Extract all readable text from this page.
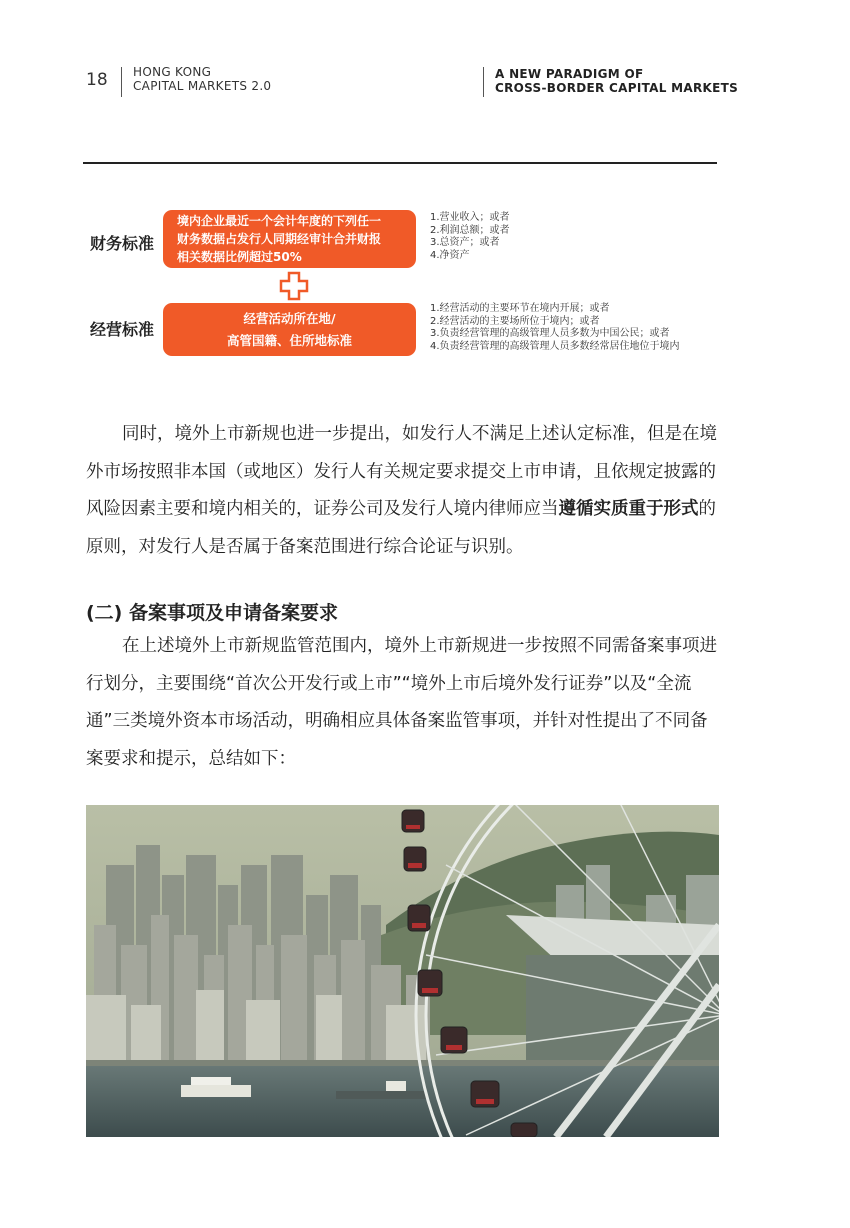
18 HONG KONG
CAPITAL MARKETS 2.0
A NEW PARADIGM OF
CROSS-BORDER CAPITAL MARKETS
财务标准
境内企业最近一个会计年度的下列任一
财务数据占发行人同期经审计合并财报
相关数据比例超过50%
1.营业收入；或者
2.利润总额；或者
3.总资产；或者
4.净资产
经营标准
经营活动所在地/
高管国籍、住所地标准
1.经营活动的主要环节在境内开展；或者
2.经营活动的主要场所位于境内；或者
3.负责经营管理的高级管理人员多数为中国公民；或者
4.负责经营管理的高级管理人员多数经常居住地位于境内

同时，境外上市新规也进一步提出，如发行人不满足上述认定标准，但是在境外市场按照非本国（或地区）发行人有关规定要求提交上市申请，且依规定披露的风险因素主要和境内相关的，证券公司及发行人境内律师应当遵循实质重于形式的原则，对发行人是否属于备案范围进行综合论证与识别。

(二) 备案事项及申请备案要求

在上述境外上市新规监管范围内，境外上市新规进一步按照不同需备案事项进行划分，主要围绕“首次公开发行或上市”“境外上市后境外发行证券”以及“全流通”三类境外资本市场活动，明确相应具体备案监管事项，并针对性提出了不同备案要求和提示，总结如下：
